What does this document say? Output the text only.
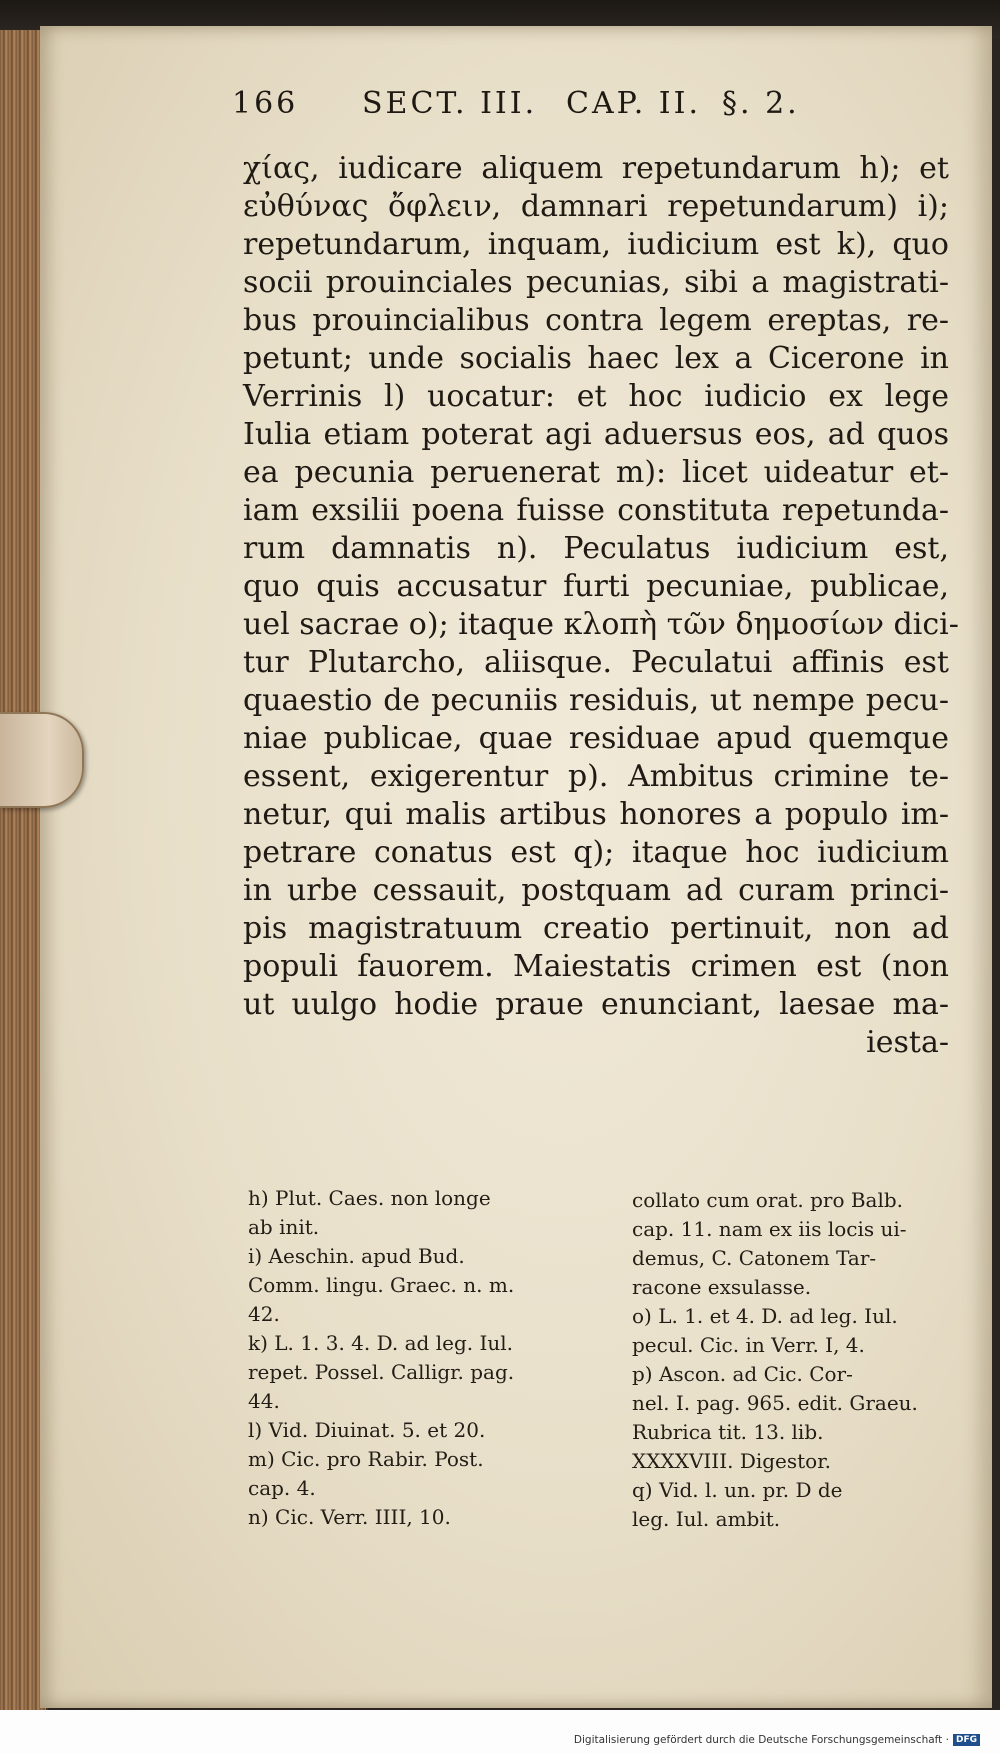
166 SECT. III. CAP. II. §. 2.
χίας, iudicare aliquem repetundarum h); et
εὐθύνας ὄφλειν, damnari repetundarum) i);
repetundarum, inquam, iudicium est k), quo
socii prouinciales pecunias, sibi a magistrati-
bus prouincialibus contra legem ereptas, re-
petunt; unde socialis haec lex a Cicerone in
Verrinis l) uocatur: et hoc iudicio ex lege
Iulia etiam poterat agi aduersus eos, ad quos
ea pecunia peruenerat m): licet uideatur et-
iam exsilii poena fuisse constituta repetunda-
rum damnatis n). Peculatus iudicium est,
quo quis accusatur furti pecuniae, publicae,
uel sacrae o); itaque κλοπὴ τῶν δημοσίων dici-
tur Plutarcho, aliisque. Peculatui affinis est
quaestio de pecuniis residuis, ut nempe pecu-
niae publicae, quae residuae apud quemque
essent, exigerentur p). Ambitus crimine te-
netur, qui malis artibus honores a populo im-
petrare conatus est q); itaque hoc iudicium
in urbe cessauit, postquam ad curam princi-
pis magistratuum creatio pertinuit, non ad
populi fauorem. Maiestatis crimen est (non
ut uulgo hodie praue enunciant, laesae ma-
iesta-
h) Plut. Caes. non longe
ab init.
i) Aeschin. apud Bud.
Comm. lingu. Graec. n. m.
42.
k) L. 1. 3. 4. D. ad leg. Iul.
repet. Possel. Calligr. pag.
44.
l) Vid. Diuinat. 5. et 20.
m) Cic. pro Rabir. Post.
cap. 4.
n) Cic. Verr. IIII, 10.
collato cum orat. pro Balb.
cap. 11. nam ex iis locis ui-
demus, C. Catonem Tar-
racone exsulasse.
o) L. 1. et 4. D. ad leg. Iul.
pecul. Cic. in Verr. I, 4.
p) Ascon. ad Cic. Cor-
nel. I. pag. 965. edit. Graeu.
Rubrica tit. 13. lib.
XXXXVIII. Digestor.
q) Vid. l. un. pr. D de
leg. Iul. ambit.
Digitalisierung gefördert durch die Deutsche Forschungsgemeinschaft · DFG
